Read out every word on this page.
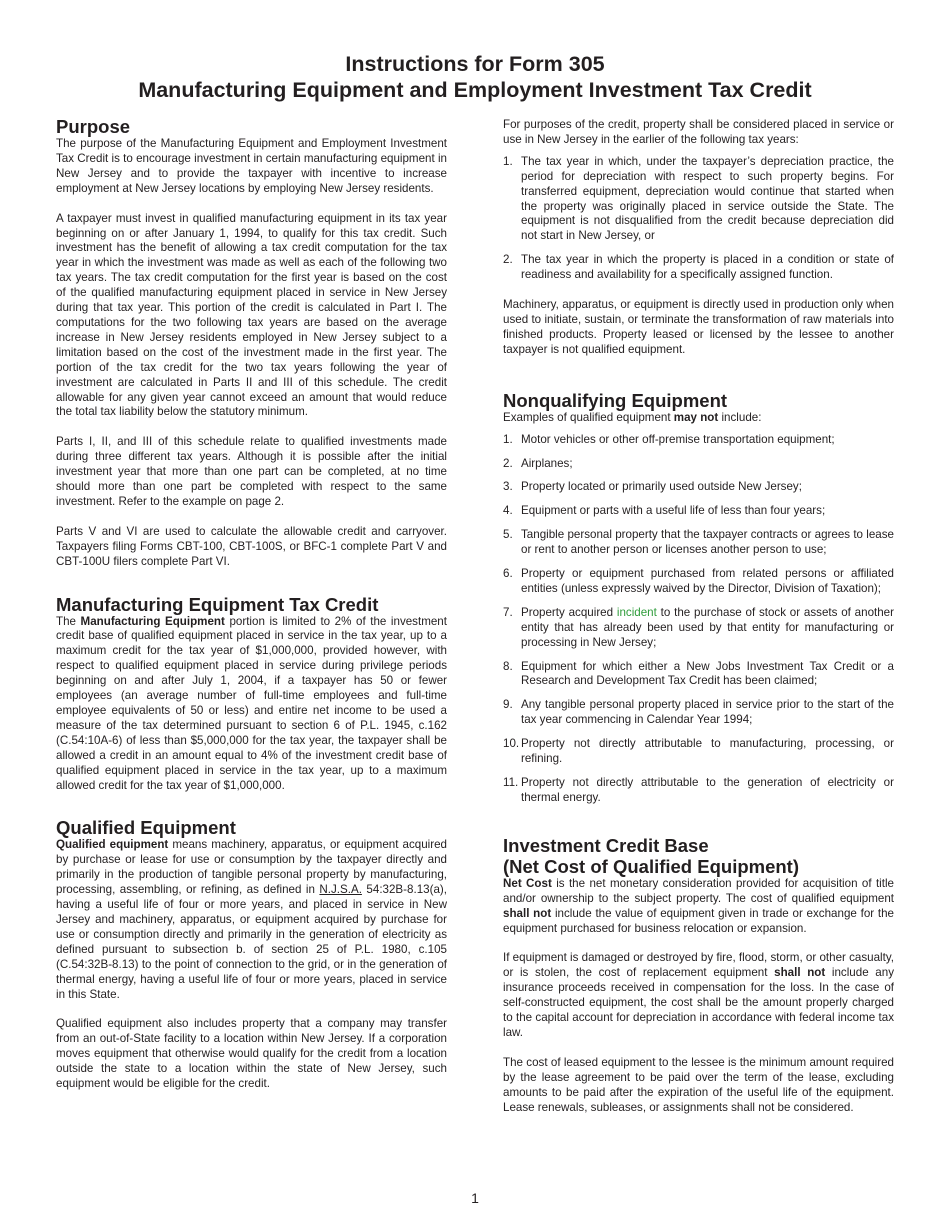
Instructions for Form 305
Manufacturing Equipment and Employment Investment Tax Credit
Purpose

The purpose of the Manufacturing Equipment and Employment Investment Tax Credit is to encourage investment in certain manufacturing equipment in New Jersey and to provide the taxpayer with incentive to increase employment at New Jersey locations by employing New Jersey residents.

A taxpayer must invest in qualified manufacturing equipment in its tax year beginning on or after January 1, 1994, to qualify for this tax credit. Such investment has the benefit of allowing a tax credit computation for the tax year in which the investment was made as well as each of the following two tax years. The tax credit computation for the first year is based on the cost of the qualified manufacturing equipment placed in service in New Jersey during that tax year. This portion of the credit is calculated in Part I. The computations for the two following tax years are based on the average increase in New Jersey residents employed in New Jersey subject to a limitation based on the cost of the investment made in the first year. The portion of the tax credit for the two tax years following the year of investment are calculated in Parts II and III of this schedule. The credit allowable for any given year cannot exceed an amount that would reduce the total tax liability below the statutory minimum.

Parts I, II, and III of this schedule relate to qualified investments made during three different tax years. Although it is possible after the initial investment year that more than one part can be completed, at no time should more than one part be completed with respect to the same investment. Refer to the example on page 2.

Parts V and VI are used to calculate the allowable credit and carryover. Taxpayers filing Forms CBT-100, CBT-100S, or BFC-1 complete Part V and CBT-100U filers complete Part VI.

Manufacturing Equipment Tax Credit

The Manufacturing Equipment portion is limited to 2% of the investment credit base of qualified equipment placed in service in the tax year, up to a maximum credit for the tax year of $1,000,000, provided however, with respect to qualified equipment placed in service during privilege periods beginning on and after July 1, 2004, if a taxpayer has 50 or fewer employees (an average number of full-time employees and full-time employee equivalents of 50 or less) and entire net income to be used a measure of the tax determined pursuant to section 6 of P.L. 1945, c.162 (C.54:10A-6) of less than $5,000,000 for the tax year, the taxpayer shall be allowed a credit in an amount equal to 4% of the investment credit base of qualified equipment placed in service in the tax year, up to a maximum allowed credit for the tax year of $1,000,000.

Qualified Equipment

Qualified equipment means machinery, apparatus, or equipment acquired by purchase or lease for use or consumption by the taxpayer directly and primarily in the production of tangible personal property by manufacturing, processing, assembling, or refining, as defined in N.J.S.A. 54:32B-8.13(a), having a useful life of four or more years, and placed in service in New Jersey and machinery, apparatus, or equipment acquired by purchase for use or consumption directly and primarily in the generation of electricity as defined pursuant to subsection b. of section 25 of P.L. 1980, c.105 (C.54:32B-8.13) to the point of connection to the grid, or in the generation of thermal energy, having a useful life of four or more years, placed in service in this State.

Qualified equipment also includes property that a company may transfer from an out-of-State facility to a location within New Jersey. If a corporation moves equipment that otherwise would qualify for the credit from a location outside the state to a location within the state of New Jersey, such equipment would be eligible for the credit.

For purposes of the credit, property shall be considered placed in service or use in New Jersey in the earlier of the following tax years:

1. The tax year in which, under the taxpayer’s depreciation practice, the period for depreciation with respect to such property begins. For transferred equipment, depreciation would continue that started when the property was originally placed in service outside the State. The equipment is not disqualified from the credit because depreciation did not start in New Jersey, or
2. The tax year in which the property is placed in a condition or state of readiness and availability for a specifically assigned function.

Machinery, apparatus, or equipment is directly used in production only when used to initiate, sustain, or terminate the transformation of raw materials into finished products. Property leased or licensed by the lessee to another taxpayer is not qualified equipment.

Nonqualifying Equipment

Examples of qualified equipment may not include:

1. Motor vehicles or other off-premise transportation equipment;
2. Airplanes;
3. Property located or primarily used outside New Jersey;
4. Equipment or parts with a useful life of less than four years;
5. Tangible personal property that the taxpayer contracts or agrees to lease or rent to another person or licenses another person to use;
6. Property or equipment purchased from related persons or affiliated entities (unless expressly waived by the Director, Division of Taxation);
7. Property acquired incident to the purchase of stock or assets of another entity that has already been used by that entity for manufacturing or processing in New Jersey;
8. Equipment for which either a New Jobs Investment Tax Credit or a Research and Development Tax Credit has been claimed;
9. Any tangible personal property placed in service prior to the start of the tax year commencing in Calendar Year 1994;
10. Property not directly attributable to manufacturing, processing, or refining.
11. Property not directly attributable to the generation of electricity or thermal energy.
Investment Credit Base
(Net Cost of Qualified Equipment)

Net Cost is the net monetary consideration provided for acquisition of title and/or ownership to the subject property. The cost of qualified equipment shall not include the value of equipment given in trade or exchange for the equipment purchased for business relocation or expansion.

If equipment is damaged or destroyed by fire, flood, storm, or other casualty, or is stolen, the cost of replacement equipment shall not include any insurance proceeds received in compensation for the loss. In the case of self-constructed equipment, the cost shall be the amount properly charged to the capital account for depreciation in accordance with federal income tax law.

The cost of leased equipment to the lessee is the minimum amount required by the lease agreement to be paid over the term of the lease, excluding amounts to be paid after the expiration of the useful life of the equipment. Lease renewals, subleases, or assignments shall not be considered.

1
